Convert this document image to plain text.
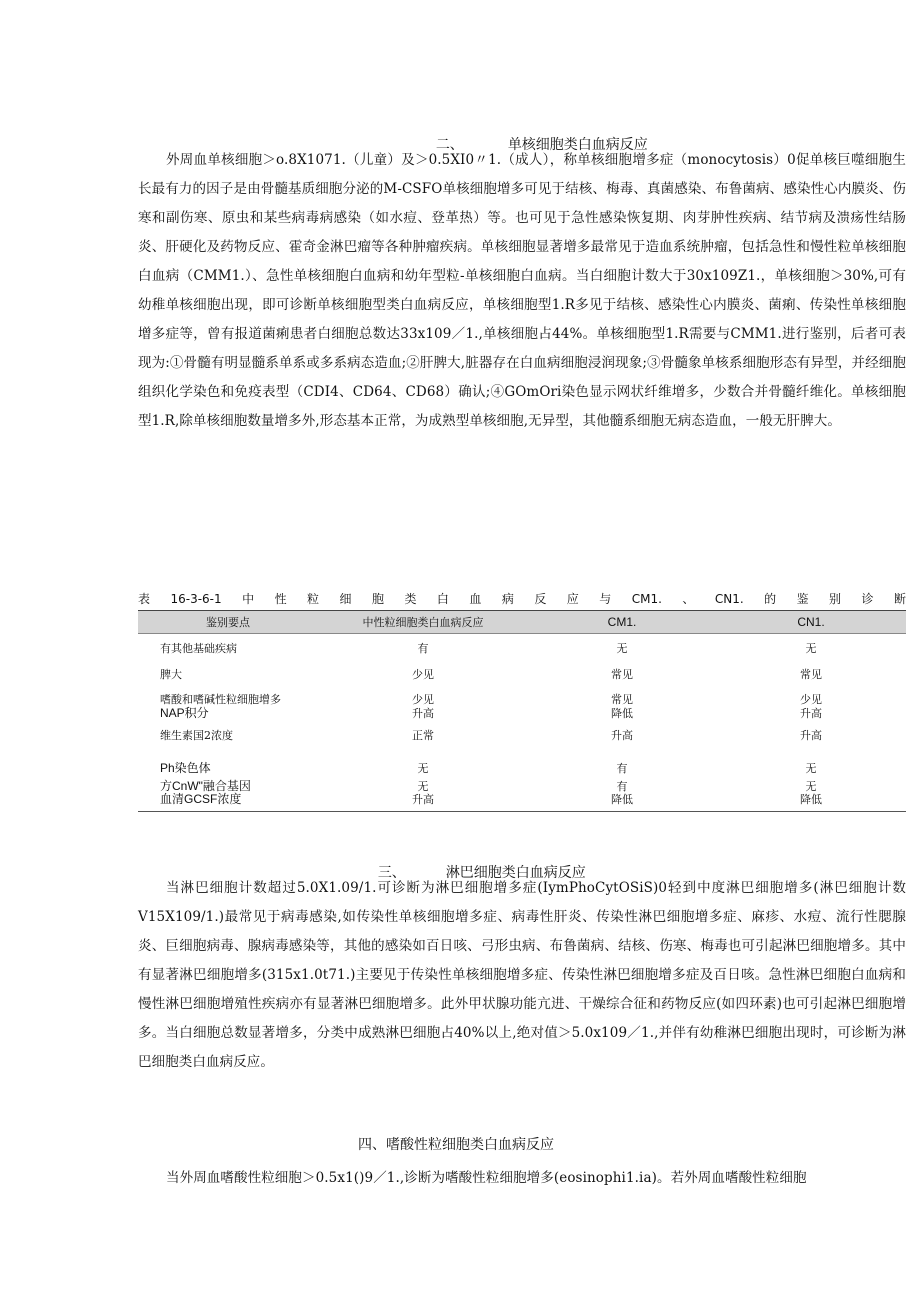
二、	单核细胞类白血病反应

外周血单核细胞＞o.8X1071.（儿童）及＞0.5XI0〃1.（成人），称单核细胞增多症（monocytosis）0促单核巨噬细胞生长最有力的因子是由骨髓基质细胞分泌的M-CSFO单核细胞增多可见于结核、梅毒、真菌感染、布鲁菌病、感染性心内膜炎、伤寒和副伤寒、原虫和某些病毒病感染（如水痘、登革热）等。也可见于急性感染恢复期、肉芽肿性疾病、结节病及溃疡性结肠炎、肝硬化及药物反应、霍奇金淋巴瘤等各种肿瘤疾病。单核细胞显著增多最常见于造血系统肿瘤，包括急性和慢性粒单核细胞白血病（CMM1.）、急性单核细胞白血病和幼年型粒-单核细胞白血病。当白细胞计数大于30x109Z1.，单核细胞＞30%,可有幼稚单核细胞出现，即可诊断单核细胞型类白血病反应，单核细胞型1.R多见于结核、感染性心内膜炎、菌痢、传染性单核细胞增多症等，曾有报道菌痢患者白细胞总数达33x109／1.,单核细胞占44%。单核细胞型1.R需要与CMM1.进行鉴别，后者可表现为:①骨髓有明显髓系单系或多系病态造血;②肝脾大,脏器存在白血病细胞浸润现象;③骨髓象单核系细胞形态有异型，并经细胞组织化学染色和免疫表型（CDI4、CD64、CD68）确认;④GOmOri染色显示网状纤维增多，少数合并骨髓纤维化。单核细胞型1.R,除单核细胞数量增多外,形态基本正常，为成熟型单核细胞,无异型，其他髓系细胞无病态造血，一般无肝脾大。

表16-3-6-1中性粒细胞类白血病反应与CM1.、CN1.的鉴别诊断
鉴别要点	中性粒细胞类白血病反应	CM1.	CN1.
有其他基础疾病	有	无	无
脾大	少见	常见	常见
嗜酸和嗜碱性粒细胞增多	少见	常见	少见
NAP积分	升高	降低	升高
维生素国2浓度	正常	升高	升高
Ph染色体	无	有	无
方CnW"融合基因	无	有	无
血清GCSF浓度	升高	降低	降低

三、	淋巴细胞类白血病反应

当淋巴细胞计数超过5.0X1.09/1.可诊断为淋巴细胞增多症(IymPhoCytOSiS)0轻到中度淋巴细胞增多(淋巴细胞计数V15X109/1.)最常见于病毒感染,如传染性单核细胞增多症、病毒性肝炎、传染性淋巴细胞增多症、麻疹、水痘、流行性腮腺炎、巨细胞病毒、腺病毒感染等，其他的感染如百日咳、弓形虫病、布鲁菌病、结核、伤寒、梅毒也可引起淋巴细胞增多。其中有显著淋巴细胞增多(315x1.0t71.)主要见于传染性单核细胞增多症、传染性淋巴细胞增多症及百日咳。急性淋巴细胞白血病和慢性淋巴细胞增殖性疾病亦有显著淋巴细胞增多。此外甲状腺功能亢进、干燥综合征和药物反应(如四环素)也可引起淋巴细胞增多。当白细胞总数显著增多，分类中成熟淋巴细胞占40%以上,绝对值＞5.0x109／1.,并伴有幼稚淋巴细胞出现时，可诊断为淋巴细胞类白血病反应。

四、嗜酸性粒细胞类白血病反应

当外周血嗜酸性粒细胞＞0.5x1()9／1.,诊断为嗜酸性粒细胞增多(eosinophi1.ia)。若外周血嗜酸性粒细胞
